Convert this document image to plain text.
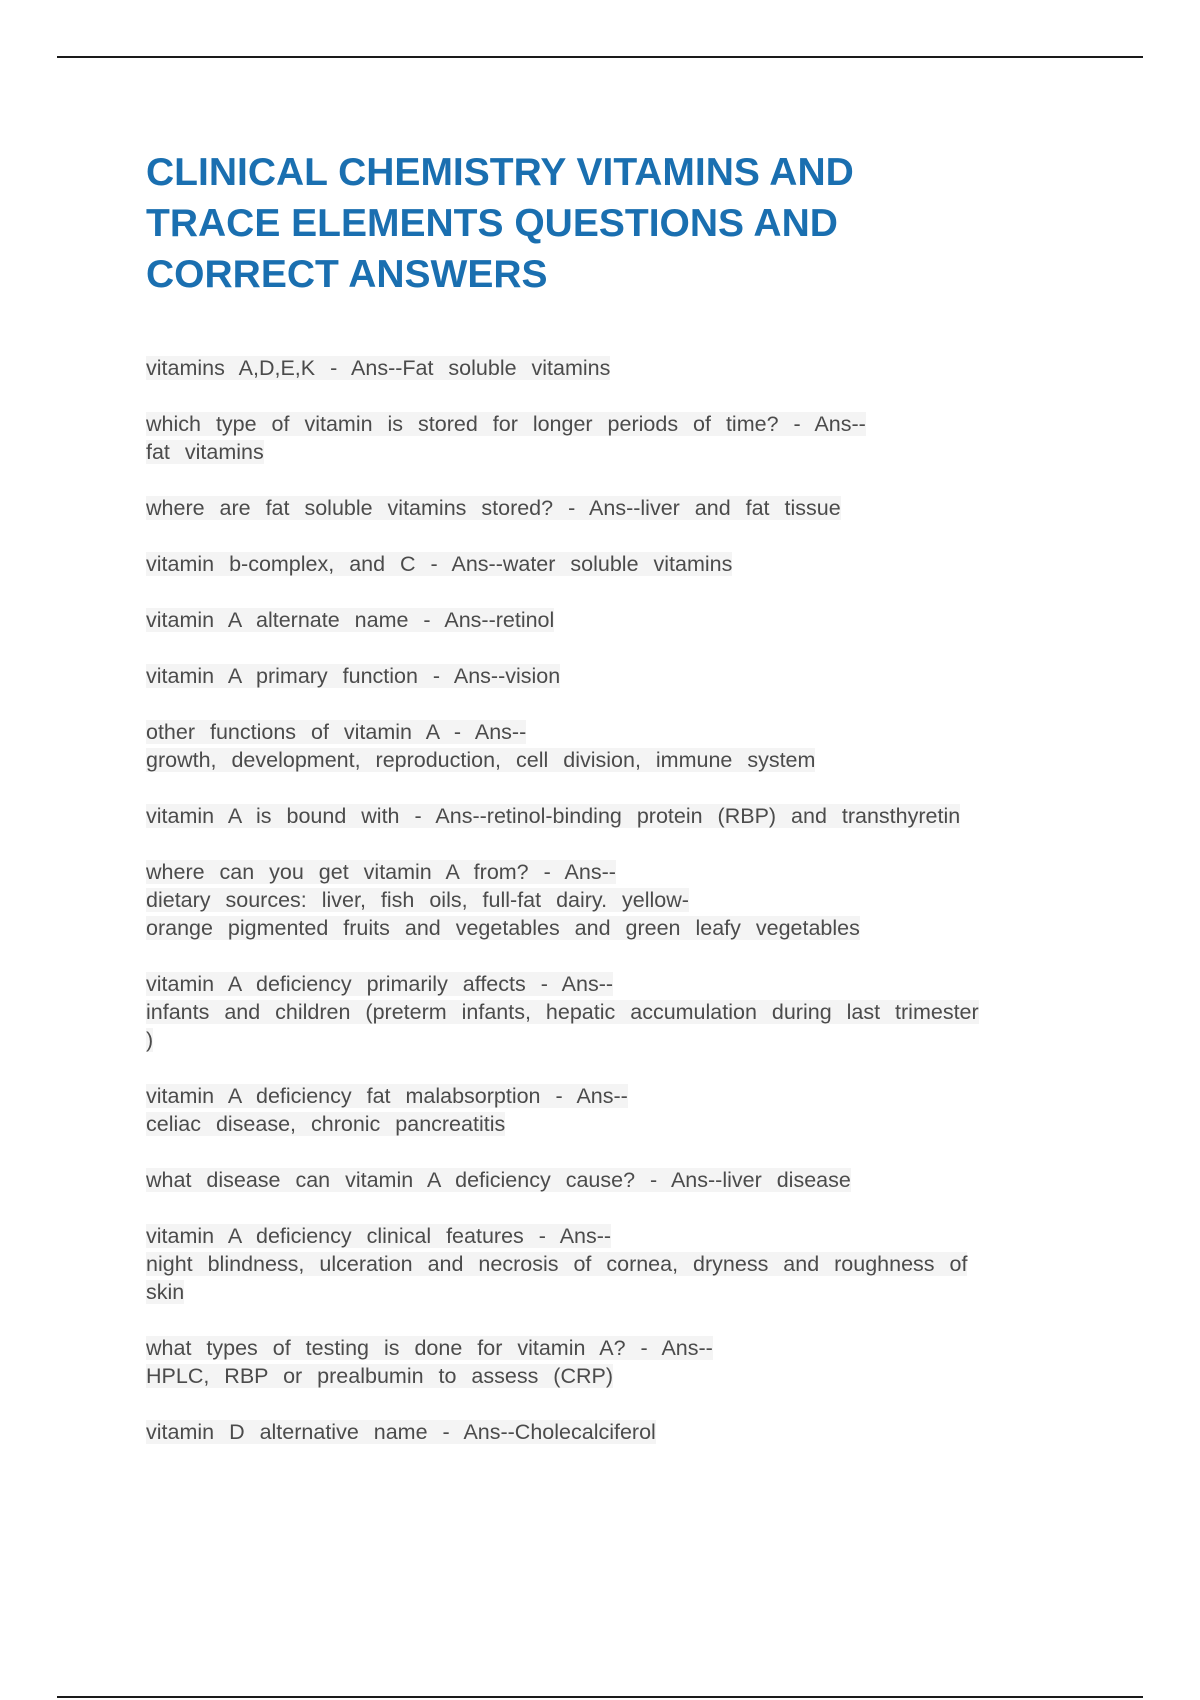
CLINICAL CHEMISTRY VITAMINS AND
TRACE ELEMENTS QUESTIONS AND
CORRECT ANSWERS
vitamins A,D,E,K - Ans--Fat soluble vitamins
which type of vitamin is stored for longer periods of time? - Ans--
fat vitamins
where are fat soluble vitamins stored? - Ans--liver and fat tissue
vitamin b-complex, and C - Ans--water soluble vitamins
vitamin A alternate name - Ans--retinol
vitamin A primary function - Ans--vision
other functions of vitamin A - Ans--
growth, development, reproduction, cell division, immune system
vitamin A is bound with - Ans--retinol-binding protein (RBP) and transthyretin
where can you get vitamin A from? - Ans--
dietary sources: liver, fish oils, full-fat dairy. yellow-
orange pigmented fruits and vegetables and green leafy vegetables
vitamin A deficiency primarily affects - Ans--
infants and children (preterm infants, hepatic accumulation during last trimester
)
vitamin A deficiency fat malabsorption - Ans--
celiac disease, chronic pancreatitis
what disease can vitamin A deficiency cause? - Ans--liver disease
vitamin A deficiency clinical features - Ans--
night blindness, ulceration and necrosis of cornea, dryness and roughness of
skin
what types of testing is done for vitamin A? - Ans--
HPLC, RBP or prealbumin to assess (CRP)
vitamin D alternative name - Ans--Cholecalciferol
